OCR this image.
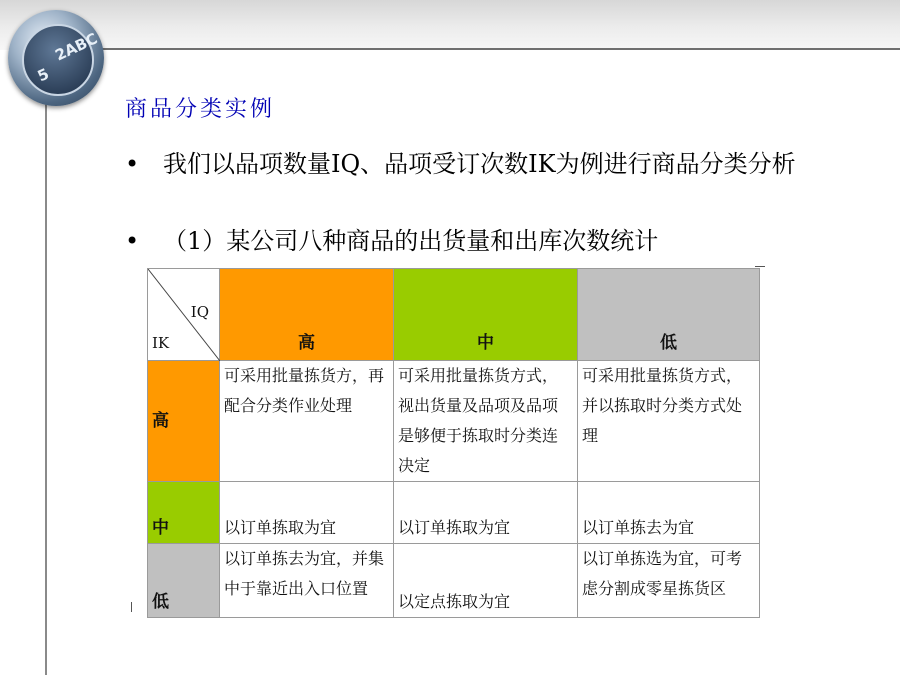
2ABC
5
商品分类实例
• 我们以品项数量IQ、品项受订次数IK为例进行商品分类分析
• （1）某公司八种商品的出货量和出库次数统计
IQ
IK	高	中	低
高	可采用批量拣货方，再配合分类作业处理	可采用批量拣货方式，视出货量及品项及品项是够便于拣取时分类连决定	可采用批量拣货方式，并以拣取时分类方式处理
中	以订单拣取为宜	以订单拣取为宜	以订单拣去为宜
低	以订单拣去为宜，并集中于靠近出入口位置	以定点拣取为宜	以订单拣选为宜，可考虑分割成零星拣货区
